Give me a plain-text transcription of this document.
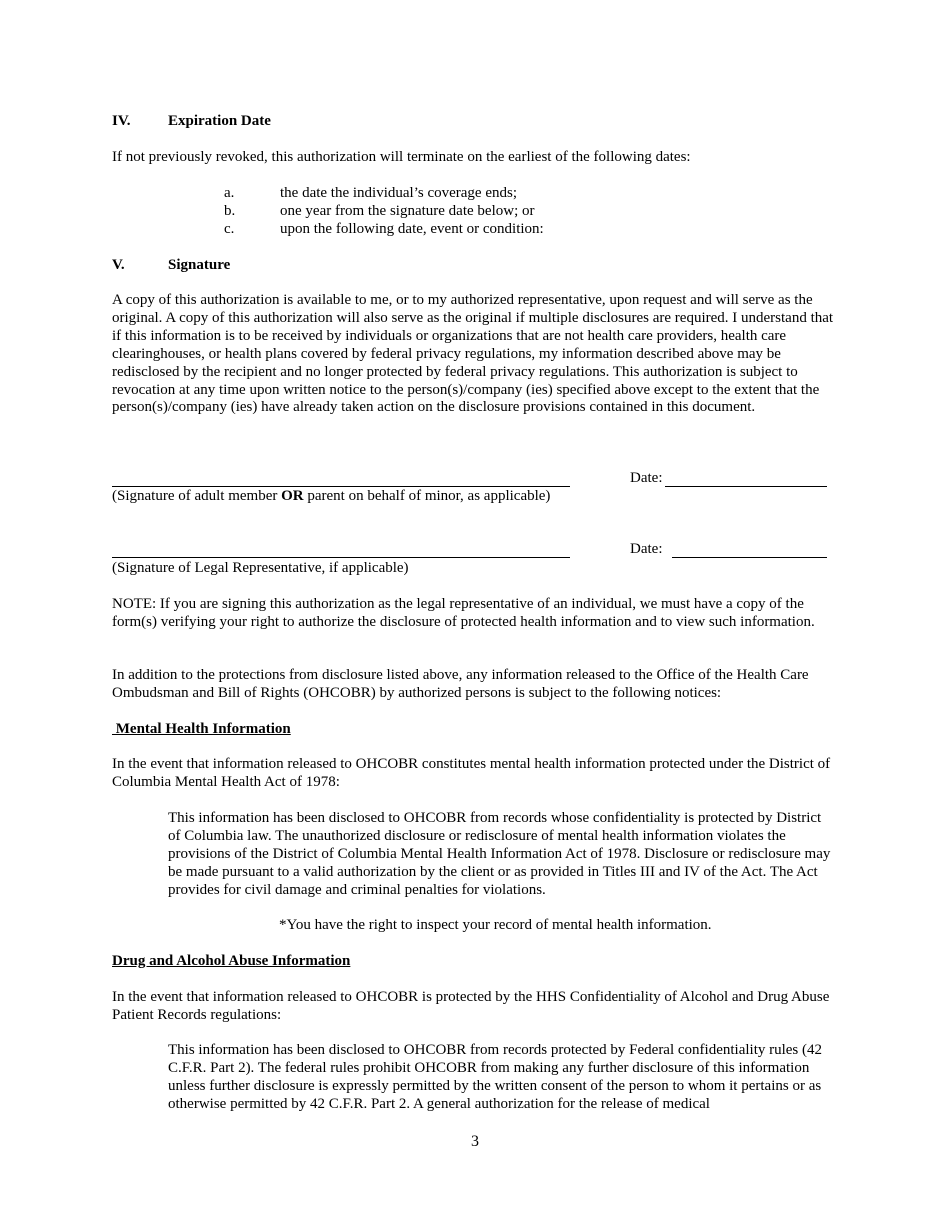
IV.	Expiration Date

If not previously revoked, this authorization will terminate on the earliest of the following dates:

a.	the date the individual’s coverage ends;
b.	one year from the signature date below; or
c.	upon the following date, event or condition:
V.	Signature

A copy of this authorization is available to me, or to my authorized representative, upon request and will serve as the original. A copy of this authorization will also serve as the original if multiple disclosures are required. I understand that if this information is to be received by individuals or organizations that are not health care providers, health care clearinghouses, or health plans covered by federal privacy regulations, my information described above may be redisclosed by the recipient and no longer protected by federal privacy regulations. This authorization is subject to revocation at any time upon written notice to the person(s)/company (ies) specified above except to the extent that the person(s)/company (ies) have already taken action on the disclosure provisions contained in this document.

Date:
(Signature of adult member OR parent on behalf of minor, as applicable)
Date:
(Signature of Legal Representative, if applicable)

NOTE: If you are signing this authorization as the legal representative of an individual, we must have a copy of the form(s) verifying your right to authorize the disclosure of protected health information and to view such information.

In addition to the protections from disclosure listed above, any information released to the Office of the Health Care Ombudsman and Bill of Rights (OHCOBR) by authorized persons is subject to the following notices:

Mental Health Information

In the event that information released to OHCOBR constitutes mental health information protected under the District of Columbia Mental Health Act of 1978:

This information has been disclosed to OHCOBR from records whose confidentiality is protected by District of Columbia law. The unauthorized disclosure or redisclosure of mental health information violates the provisions of the District of Columbia Mental Health Information Act of 1978. Disclosure or redisclosure may be made pursuant to a valid authorization by the client or as provided in Titles III and IV of the Act. The Act provides for civil damage and criminal penalties for violations.

*You have the right to inspect your record of mental health information.
Drug and Alcohol Abuse Information

In the event that information released to OHCOBR is protected by the HHS Confidentiality of Alcohol and Drug Abuse Patient Records regulations:

This information has been disclosed to OHCOBR from records protected by Federal confidentiality rules (42 C.F.R. Part 2). The federal rules prohibit OHCOBR from making any further disclosure of this information unless further disclosure is expressly permitted by the written consent of the person to whom it pertains or as otherwise permitted by 42 C.F.R. Part 2. A general authorization for the release of medical

3
